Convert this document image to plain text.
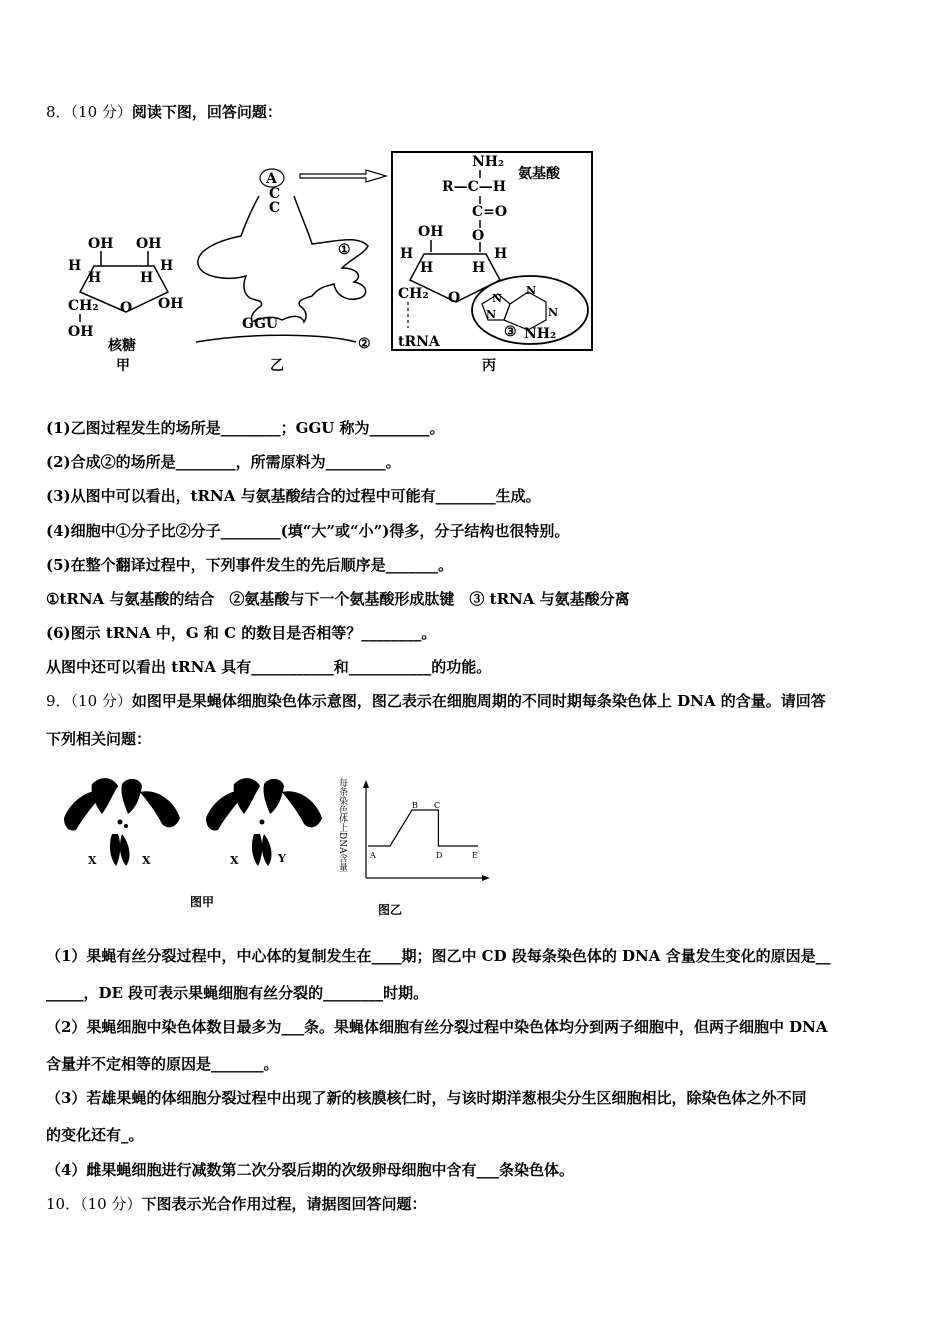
8．（10 分）阅读下图，回答问题：
OH OH
H
H	H
H
OH
CH₂ O
OH
核糖
甲
A
C
C
①
GGU
②
乙
NH₂
R—C—H
氨基酸
C=O
O
OH
H
H	H
H
CH₂ O
tRNA
N
N
N
N
③ NH₂
丙
(1)乙图过程发生的场所是________；GGU 称为________。
(2)合成②的场所是________，所需原料为________。
(3)从图中可以看出，tRNA 与氨基酸结合的过程中可能有________生成。
(4)细胞中①分子比②分子________(填“大”或“小”)得多，分子结构也很特别。
(5)在整个翻译过程中，下列事件发生的先后顺序是_______。
①tRNA 与氨基酸的结合　②氨基酸与下一个氨基酸形成肽键　③ tRNA 与氨基酸分离
(6)图示 tRNA 中，G 和 C 的数目是否相等？________。
从图中还可以看出 tRNA 具有___________和___________的功能。
9．（10 分）如图甲是果蝇体细胞染色体示意图，图乙表示在细胞周期的不同时期每条染色体上 DNA 的含量。请回答
下列相关问题：
X	X	X	Y
图甲
每条染色体上DNA含量	A
B C
D	E
图乙
（1）果蝇有丝分裂过程中，中心体的复制发生在____期；图乙中 CD 段每条染色体的 DNA 含量发生变化的原因是__
_____，DE 段可表示果蝇细胞有丝分裂的________时期。
（2）果蝇细胞中染色体数目最多为___条。果蝇体细胞有丝分裂过程中染色体均分到两子细胞中，但两子细胞中 DNA
含量并不定相等的原因是_______。
（3）若雄果蝇的体细胞分裂过程中出现了新的核膜核仁时，与该时期洋葱根尖分生区细胞相比，除染色体之外不同
的变化还有_。
（4）雌果蝇细胞进行减数第二次分裂后期的次级卵母细胞中含有___条染色体。
10．（10 分）下图表示光合作用过程，请据图回答问题：
